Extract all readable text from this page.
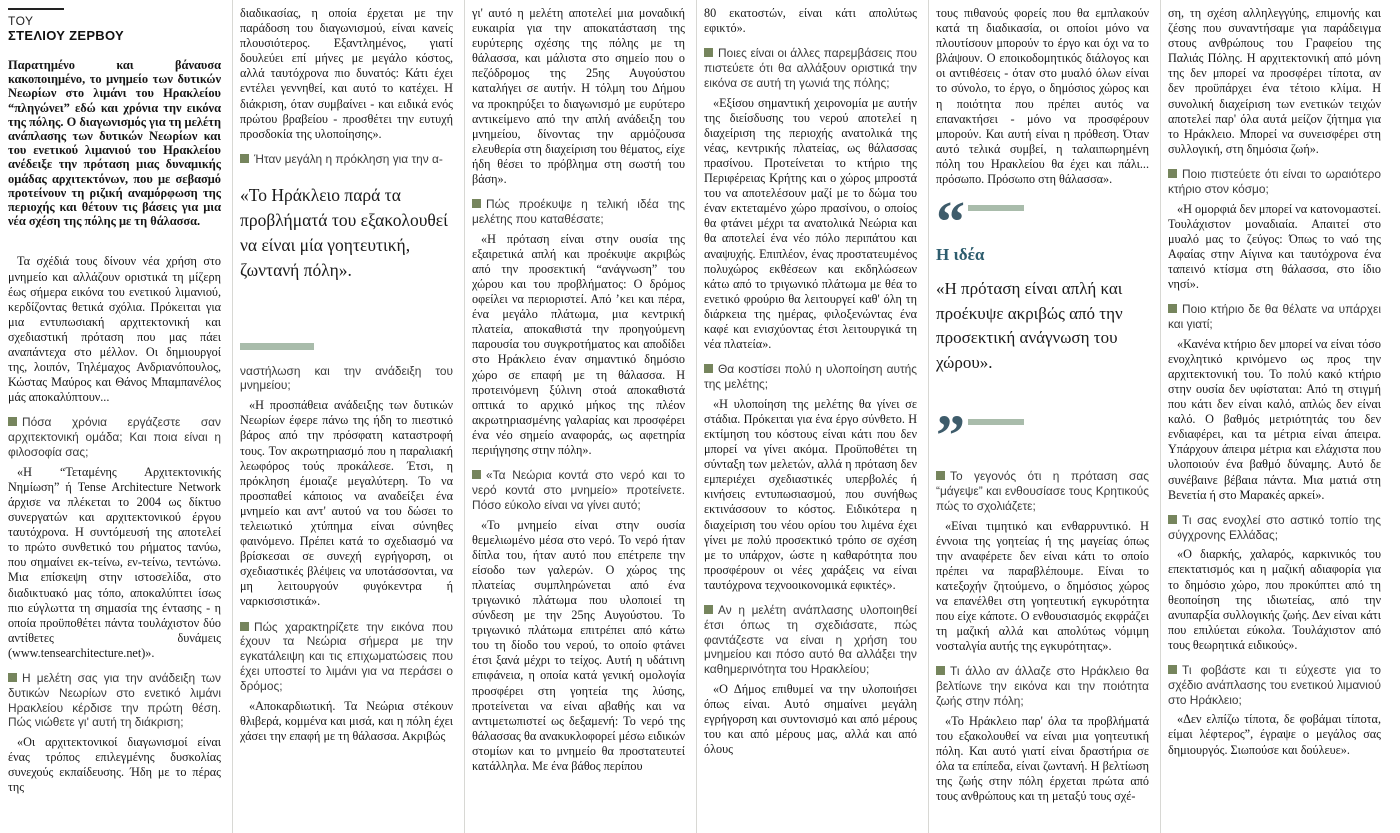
ΤΟΥ
ΣΤΕΛΙΟΥ ΖΕΡΒΟΥ

Παρατημένο και βάναυσα κακοποιημένο, το μνημείο των δυτικών Νεωρίων στο λιμάνι του Ηρακλείου “πληγώνει” εδώ και χρόνια την εικόνα της πόλης. Ο διαγωνισμός για τη μελέτη ανάπλασης των δυτικών Νεωρίων και του ενετικού λιμανιού του Ηρακλείου ανέδειξε την πρόταση μιας δυναμικής ομάδας αρχιτεκτόνων, που με σεβασμό προτείνουν τη ριζική αναμόρφωση της περιοχής και θέτουν τις βάσεις για μια νέα σχέση της πόλης με τη θάλασσα.

Τα σχέδιά τους δίνουν νέα χρήση στο μνημείο και αλλάζουν οριστικά τη μίζερη έως σήμερα εικόνα του ενετικού λιμανιού, κερδίζοντας θετικά σχόλια. Πρόκειται για μια εντυπωσιακή αρχιτεκτονική και σχεδιαστική πρόταση που μας πάει αναπάντεχα στο μέλλον. Οι δημιουργοί της, λοιπόν, Τηλέμαχος Ανδριανόπουλος, Κώστας Μαύρος και Θάνος Μπαμπανέλος μάς αποκαλύπτουν...

Πόσα χρόνια εργάζεστε σαν αρχιτεκτονική ομάδα; Και ποια είναι η φιλοσοφία σας;

«Η “Τεταμένης Αρχιτεκτονικής Νημίωση” ή Tense Architecture Network άρχισε να πλέκεται το 2004 ως δίκτυο συνεργατών και αρχιτεκτονικού έργου ταυτόχρονα. Η συντόμευσή της αποτελεί το πρώτο συνθετικό του ρήματος τανύω, που σημαίνει εκ-τείνω, εν-τείνω, τεντώνω. Μια επίσκεψη στην ιστοσελίδα, στο διαδικτυακό μας τόπο, αποκαλύπτει ίσως πιο εύγλωττα τη σημασία της έντασης - η οποία προϋποθέτει πάντα τουλάχιστον δύο αντίθετες δυνάμεις (www.tensearchitecture.net)».

Η μελέτη σας για την ανάδειξη των δυτικών Νεωρίων στο ενετικό λιμάνι Ηρακλείου κέρδισε την πρώτη θέση. Πώς νιώθετε γι' αυτή τη διάκριση;

«Οι αρχιτεκτονικοί διαγωνισμοί είναι ένας τρόπος επιλεγμένης δυσκολίας συνεχούς εκπαίδευσης. Ήδη με το πέρας της

διαδικασίας, η οποία έρχεται με την παράδοση του διαγωνισμού, είναι κανείς πλουσιότερος. Εξαντλημένος, γιατί δουλεύει επί μήνες με μεγάλο κόστος, αλλά ταυτόχρονα πιο δυνατός: Κάτι έχει εντέλει γεννηθεί, και αυτό το κατέχει. Η διάκριση, όταν συμβαίνει - και ειδικά ενός πρώτου βραβείου - προσθέτει την ευτυχή προσδοκία της υλοποίησης».

Ήταν μεγάλη η πρόκληση για την α-

«Το Ηράκλειο παρά τα προβλήματά του εξακολουθεί να είναι μία γοητευτική, ζωντανή πόλη».

ναστήλωση και την ανάδειξη του μνημείου;

«Η προσπάθεια ανάδειξης των δυτικών Νεωρίων έφερε πάνω της ήδη το πιεστικό βάρος από την πρόσφατη καταστροφή τους. Τον ακρωτηριασμό που η παραλιακή λεωφόρος τούς προκάλεσε. Έτσι, η πρόκληση έμοιαζε μεγαλύτερη. Το να προσπαθεί κάποιος να αναδείξει ένα μνημείο και αντ' αυτού να του δώσει το τελειωτικό χτύπημα είναι σύνηθες φαινόμενο. Πρέπει κατά το σχεδιασμό να βρίσκεσαι σε συνεχή εγρήγορση, οι σχεδιαστικές βλέψεις να υποτάσσονται, να μη λειτουργούν φυγόκεντρα ή ναρκισσιστικά».

Πώς χαρακτηρίζετε την εικόνα που έχουν τα Νεώρια σήμερα με την εγκατάλειψη και τις επιχωματώσεις που έχει υποστεί το λιμάνι για να περάσει ο δρόμος;

«Αποκαρδιωτική. Τα Νεώρια στέκουν θλιβερά, κομμένα και μισά, και η πόλη έχει χάσει την επαφή με τη θάλασσα. Ακριβώς

γι' αυτό η μελέτη αποτελεί μια μοναδική ευκαιρία για την αποκατάσταση της ευρύτερης σχέσης της πόλης με τη θάλασσα, και μάλιστα στο σημείο που ο πεζόδρομος της 25ης Αυγούστου καταλήγει σε αυτήν. Η τόλμη του Δήμου να προκηρύξει το διαγωνισμό με ευρύτερο αντικείμενο από την απλή ανάδειξη του μνημείου, δίνοντας την αρμόζουσα ελευθερία στη διαχείριση του θέματος, είχε ήδη θέσει το πρόβλημα στη σωστή του βάση».

Πώς προέκυψε η τελική ιδέα της μελέτης που καταθέσατε;

«Η πρόταση είναι στην ουσία της εξαιρετικά απλή και προέκυψε ακριβώς από την προσεκτική “ανάγνωση” του χώρου και του προβλήματος: Ο δρόμος οφείλει να περιοριστεί. Από ’κει και πέρα, ένα μεγάλο πλάτωμα, μια κεντρική πλατεία, αποκαθιστά την προηγούμενη παρουσία του συγκροτήματος και αποδίδει στο Ηράκλειο έναν σημαντικό δημόσιο χώρο σε επαφή με τη θάλασσα. Η προτεινόμενη ξύλινη στοά αποκαθιστά οπτικά το αρχικό μήκος της πλέον ακρωτηριασμένης γαλαρίας και προσφέρει ένα νέο σημείο αναφοράς, ως αφετηρία περιήγησης στην πόλη».

«Τα Νεώρια κοντά στο νερό και το νερό κοντά στο μνημείο» προτείνετε. Πόσο εύκολο είναι να γίνει αυτό;

«Το μνημείο είναι στην ουσία θεμελιωμένο μέσα στο νερό. Το νερό ήταν δίπλα του, ήταν αυτό που επέτρεπε την είσοδο των γαλερών. Ο χώρος της πλατείας συμπληρώνεται από ένα τριγωνικό πλάτωμα που υλοποιεί τη σύνδεση με την 25ης Αυγούστου. Το τριγωνικό πλάτωμα επιτρέπει από κάτω του τη δίοδο του νερού, το οποίο φτάνει έτσι ξανά μέχρι το τείχος. Αυτή η υδάτινη επιφάνεια, η οποία κατά γενική ομολογία προσφέρει στη γοητεία της λύσης, προτείνεται να είναι αβαθής και να αντιμετωπιστεί ως δεξαμενή: Το νερό της θάλασσας θα ανακυκλοφορεί μέσω ειδικών στομίων και το μνημείο θα προστατευτεί κατάλληλα. Με ένα βάθος περίπου

80 εκατοστών, είναι κάτι απολύτως εφικτό».

Ποιες είναι οι άλλες παρεμβάσεις που πιστεύετε ότι θα αλλάξουν οριστικά την εικόνα σε αυτή τη γωνιά της πόλης;

«Εξίσου σημαντική χειρονομία με αυτήν της διείσδυσης του νερού αποτελεί η διαχείριση της περιοχής ανατολικά της νέας, κεντρικής πλατείας, ως θάλασσας πρασίνου. Προτείνεται το κτήριο της Περιφέρειας Κρήτης και ο χώρος μπροστά του να αποτελέσουν μαζί με το δώμα του έναν εκτεταμένο χώρο πρασίνου, ο οποίος θα φτάνει μέχρι τα ανατολικά Νεώρια και θα αποτελεί ένα νέο πόλο περιπάτου και αναψυχής. Επιπλέον, ένας προστατευμένος πολυχώρος εκθέσεων και εκδηλώσεων κάτω από το τριγωνικό πλάτωμα με θέα το ενετικό φρούριο θα λειτουργεί καθ' όλη τη διάρκεια της ημέρας, φιλοξενώντας ένα καφέ και ενισχύοντας έτσι λειτουργικά τη νέα πλατεία».

Θα κοστίσει πολύ η υλοποίηση αυτής της μελέτης;

«Η υλοποίηση της μελέτης θα γίνει σε στάδια. Πρόκειται για ένα έργο σύνθετο. Η εκτίμηση του κόστους είναι κάτι που δεν μπορεί να γίνει ακόμα. Προϋποθέτει τη σύνταξη των μελετών, αλλά η πρόταση δεν εμπεριέχει σχεδιαστικές υπερβολές ή κινήσεις εντυπωσιασμού, που συνήθως εκτινάσσουν το κόστος. Ειδικότερα η διαχείριση του νέου ορίου του λιμένα έχει γίνει με πολύ προσεκτικό τρόπο σε σχέση με το υπάρχον, ώστε η καθαρότητα που προσφέρουν οι νέες χαράξεις να είναι ταυτόχρονα τεχνοοικονομικά εφικτές».

Αν η μελέτη ανάπλασης υλοποιηθεί έτσι όπως τη σχεδιάσατε, πώς φαντάζεστε να είναι η χρήση του μνημείου και πόσο αυτό θα αλλάξει την καθημερινότητα του Ηρακλείου;

«Ο Δήμος επιθυμεί να την υλοποιήσει όπως είναι. Αυτό σημαίνει μεγάλη εγρήγορση και συντονισμό και από μέρους του και από μέρους μας, αλλά και από όλους

τους πιθανούς φορείς που θα εμπλακούν κατά τη διαδικασία, οι οποίοι μόνο να πλουτίσουν μπορούν το έργο και όχι να το βλάψουν. Ο εποικοδομητικός διάλογος και οι αντιθέσεις - όταν στο μυαλό όλων είναι το σύνολο, το έργο, ο δημόσιος χώρος και η ποιότητα που πρέπει αυτός να επανακτήσει - μόνο να προσφέρουν μπορούν. Και αυτή είναι η πρόθεση. Όταν αυτό τελικά συμβεί, η ταλαιπωρημένη πόλη του Ηρακλείου θα έχει και πάλι... πρόσωπο. Πρόσωπο στη θάλασσα».

“
Η ιδέα

«Η πρόταση είναι απλή και προέκυψε ακριβώς από την προσεκτική ανάγνωση του χώρου».

”

Το γεγονός ότι η πρόταση σας “μάγεψε” και ενθουσίασε τους Κρητικούς πώς το σχολιάζετε;

«Είναι τιμητικό και ενθαρρυντικό. Η έννοια της γοητείας ή της μαγείας όπως την αναφέρετε δεν είναι κάτι το οποίο πρέπει να παραβλέπουμε. Είναι το κατεξοχήν ζητούμενο, ο δημόσιος χώρος να επανέλθει στη γοητευτική εγκυρότητα που είχε κάποτε. Ο ενθουσιασμός εκφράζει τη μαζική αλλά και απολύτως νόμιμη νοσταλγία αυτής της εγκυρότητας».

Τι άλλο αν άλλαζε στο Ηράκλειο θα βελτίωνε την εικόνα και την ποιότητα ζωής στην πόλη;

«Το Ηράκλειο παρ' όλα τα προβλήματά του εξακολουθεί να είναι μια γοητευτική πόλη. Και αυτό γιατί είναι δραστήρια σε όλα τα επίπεδα, είναι ζωντανή. Η βελτίωση της ζωής στην πόλη έρχεται πρώτα από τους ανθρώπους και τη μεταξύ τους σχέ-

ση, τη σχέση αλληλεγγύης, επιμονής και ζέσης που συναντήσαμε για παράδειγμα στους ανθρώπους του Γραφείου της Παλιάς Πόλης. Η αρχιτεκτονική από μόνη της δεν μπορεί να προσφέρει τίποτα, αν δεν προϋπάρχει ένα τέτοιο κλίμα. Η συνολική διαχείριση των ενετικών τειχών αποτελεί παρ' όλα αυτά μείζον ζήτημα για το Ηράκλειο. Μπορεί να συνεισφέρει στη συλλογική, στη δημόσια ζωή».

Ποιο πιστεύετε ότι είναι το ωραιότερο κτήριο στον κόσμο;

«Η ομορφιά δεν μπορεί να κατονομαστεί. Τουλάχιστον μοναδιαία. Απαιτεί στο μυαλό μας το ζεύγος: Όπως το ναό της Αφαίας στην Αίγινα και ταυτόχρονα ένα ταπεινό κτίσμα στη θάλασσα, στο ίδιο νησί».

Ποιο κτήριο δε θα θέλατε να υπάρχει και γιατί;

«Κανένα κτήριο δεν μπορεί να είναι τόσο ενοχλητικό κρινόμενο ως προς την αρχιτεκτονική του. Το πολύ κακό κτήριο στην ουσία δεν υφίσταται: Από τη στιγμή που κάτι δεν είναι καλό, απλώς δεν είναι καλό. Ο βαθμός μετριότητάς του δεν ενδιαφέρει, και τα μέτρια είναι άπειρα. Υπάρχουν άπειρα μέτρια και ελάχιστα που υλοποιούν ένα βαθμό δύναμης. Αυτό δε συνέβαινε βέβαια πάντα. Μια ματιά στη Βενετία ή στο Μαρακές αρκεί».

Τι σας ενοχλεί στο αστικό τοπίο της σύγχρονης Ελλάδας;

«Ο διαρκής, χαλαρός, καρκινικός του επεκτατισμός και η μαζική αδιαφορία για το δημόσιο χώρο, που προκύπτει από τη θεοποίηση της ιδιωτείας, από την ανυπαρξία συλλογικής ζωής. Δεν είναι κάτι που επιλύεται εύκολα. Τουλάχιστον από τους θεωρητικά ειδικούς».

Τι φοβάστε και τι εύχεστε για το σχέδιο ανάπλασης του ενετικού λιμανιού στο Ηράκλειο;

«Δεν ελπίζω τίποτα, δε φοβάμαι τίποτα, είμαι λέφτερος”, έγραψε ο μεγάλος σας δημιουργός. Σιωπούσε και δούλευε».
